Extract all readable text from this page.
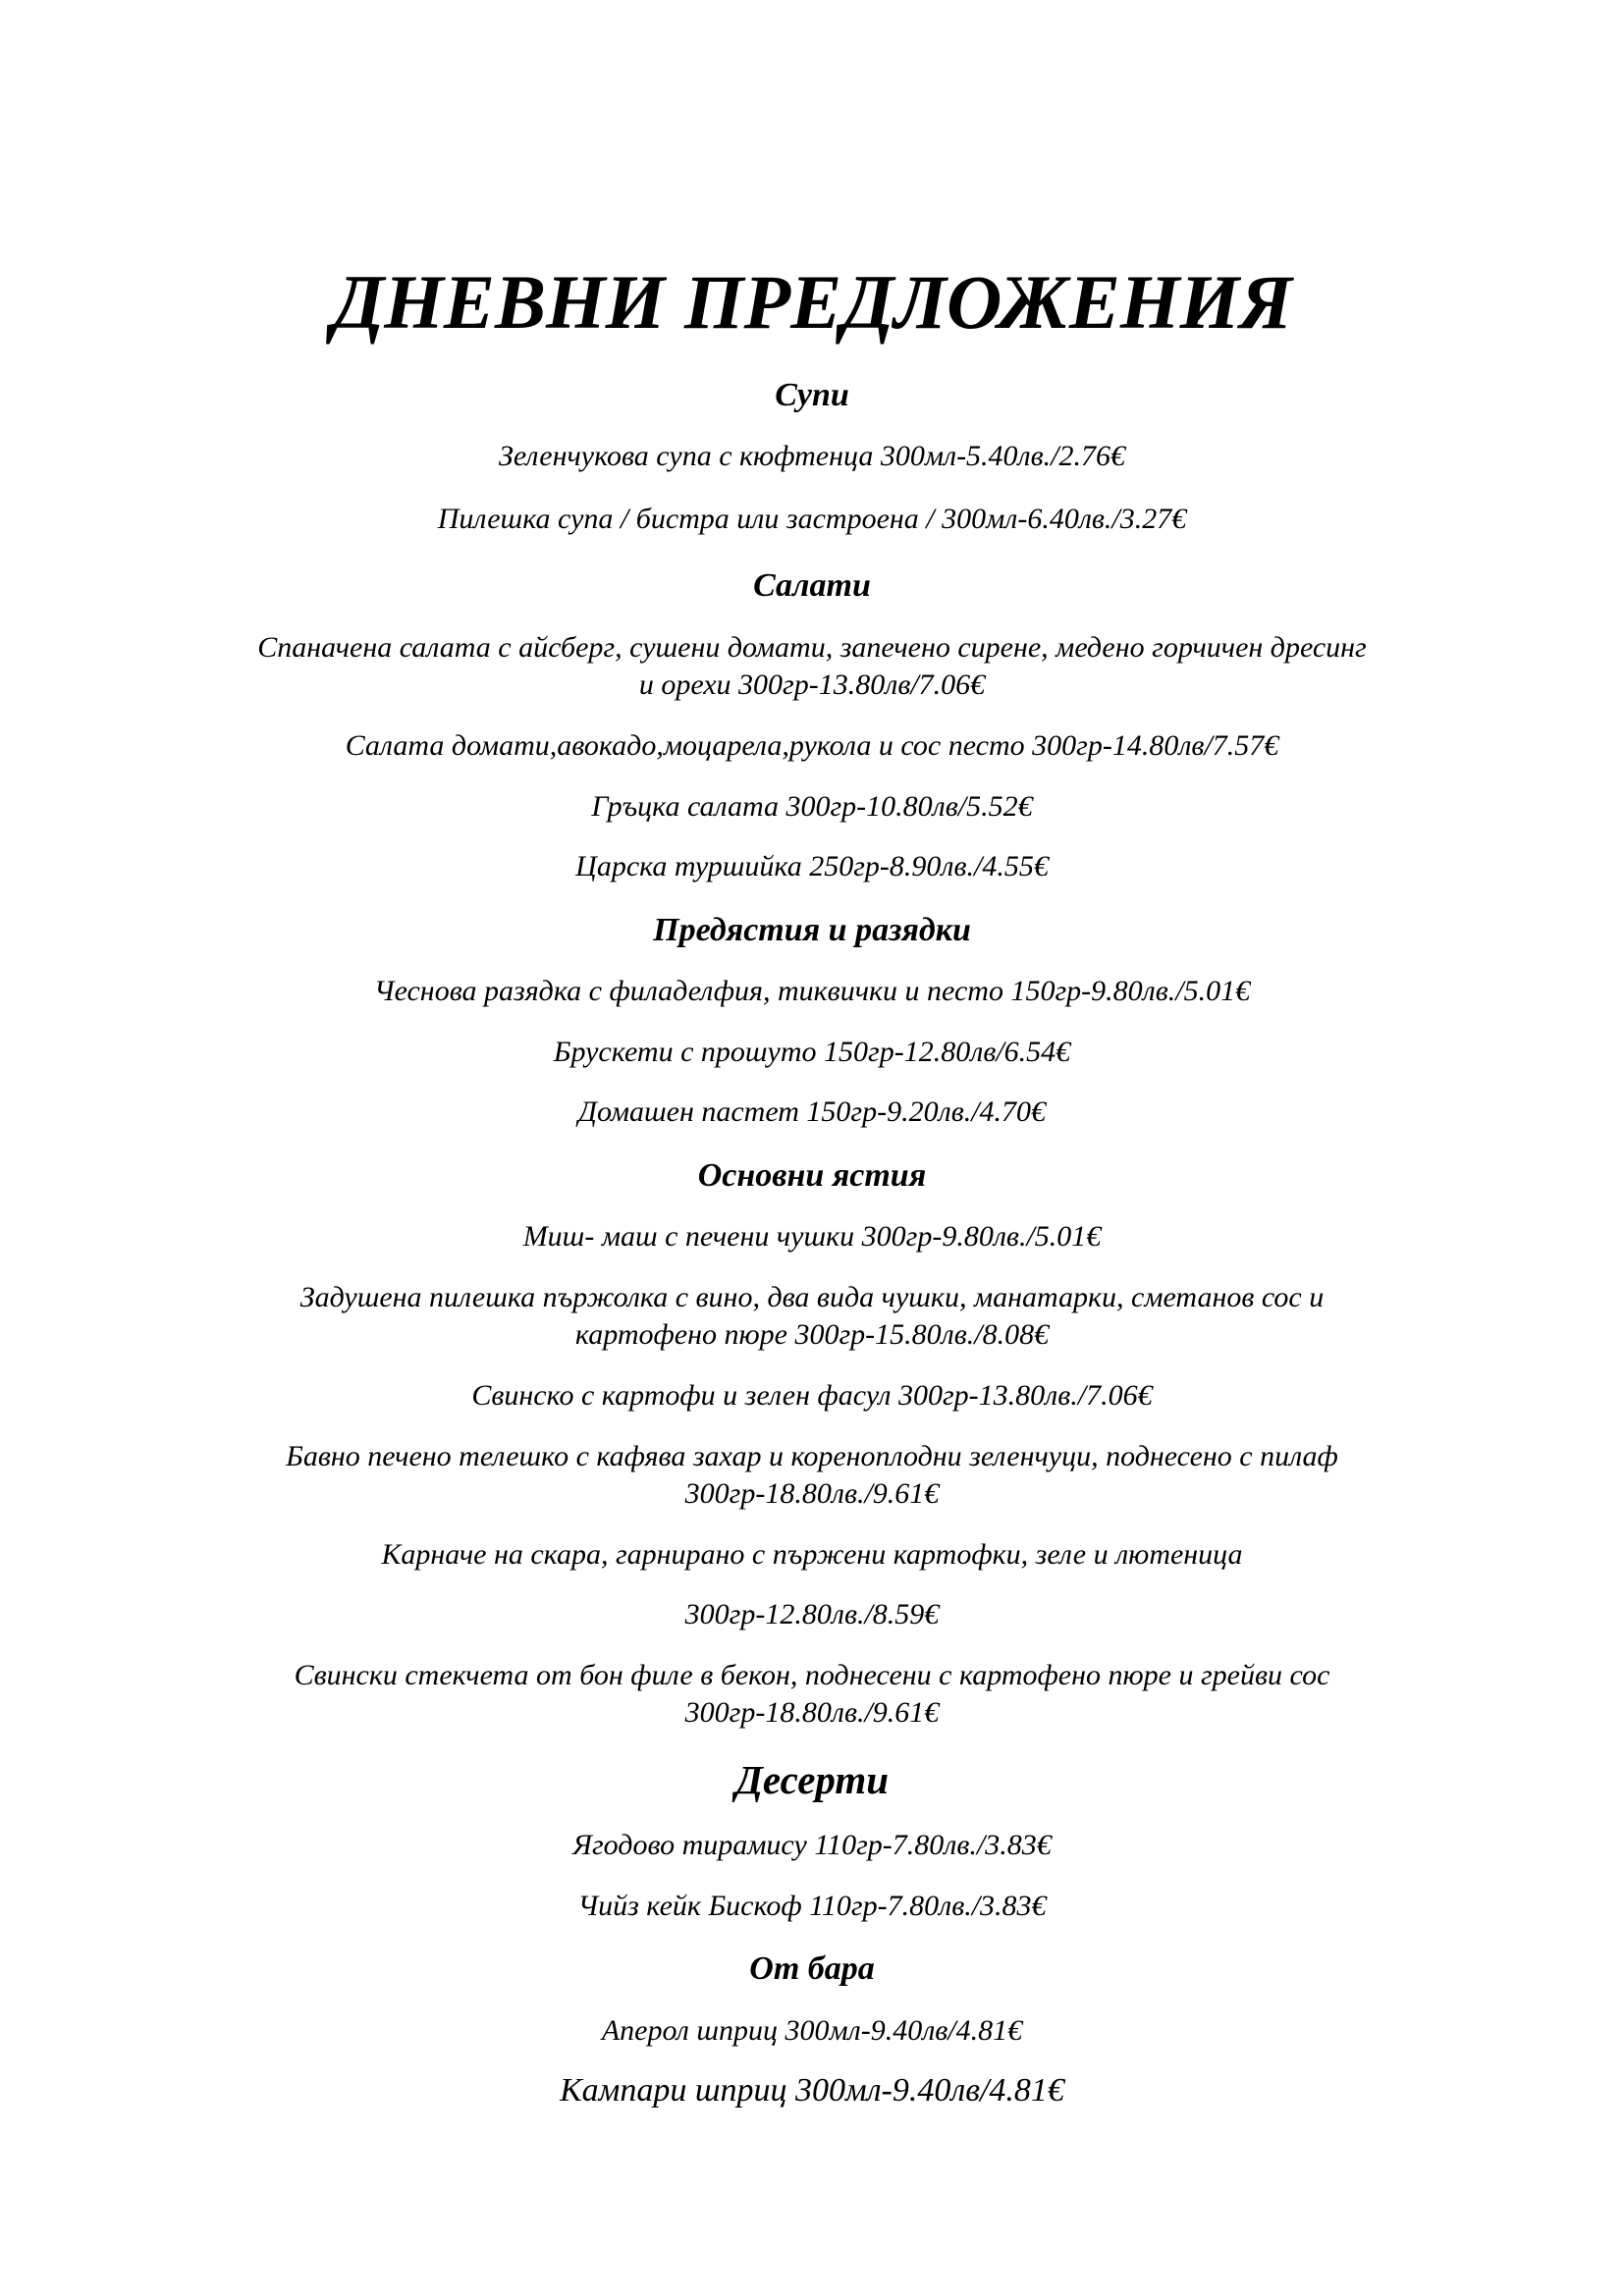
ДНЕВНИ ПРЕДЛОЖЕНИЯ
Супи
Зеленчукова супа с кюфтенца 300мл-5.40лв./2.76€
Пилешка супа / бистра или застроена / 300мл-6.40лв./3.27€
Салати
Спаначена салата с айсберг, сушени домати, запечено сирене, медено горчичен дресинг
и орехи 300гр-13.80лв/7.06€
Салата домати,авокадо,моцарела,рукола и сос песто 300гр-14.80лв/7.57€
Гръцка салата 300гр-10.80лв/5.52€
Царска туршийка 250гр-8.90лв./4.55€
Предястия и разядки
Чеснова разядка с филаделфия, тиквички и песто 150гр-9.80лв./5.01€
Брускети с прошуто 150гр-12.80лв/6.54€
Домашен пастет 150гр-9.20лв./4.70€
Основни ястия
Миш- маш с печени чушки 300гр-9.80лв./5.01€
Задушена пилешка пържолка с вино, два вида чушки, манатарки, сметанов сос и
картофено пюре 300гр-15.80лв./8.08€
Свинско с картофи и зелен фасул 300гр-13.80лв./7.06€
Бавно печено телешко с кафява захар и коренoплодни зеленчуци, поднесено с пилаф
300гр-18.80лв./9.61€
Карначе на скара, гарнирано с пържени картофки, зеле и лютеница
300гр-12.80лв./8.59€
Свински стекчета от бон филе в бекон, поднесени с картофено пюре и грейви сос
300гр-18.80лв./9.61€
Десерти
Ягодово тирамису 110гр-7.80лв./3.83€
Чийз кейк Бискоф 110гр-7.80лв./3.83€
От бара
Аперол шприц 300мл-9.40лв/4.81€
Кампари шприц 300мл-9.40лв/4.81€
